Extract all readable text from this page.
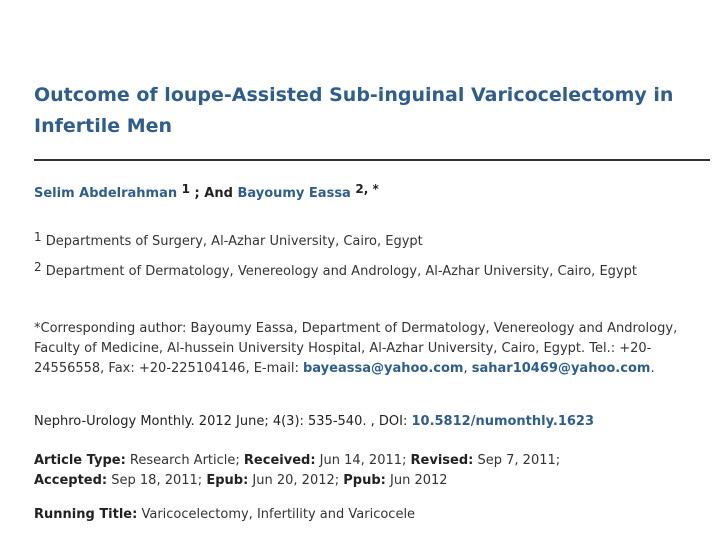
Outcome of loupe-Assisted Sub-inguinal Varicocelectomy in Infertile Men
Selim Abdelrahman $^1$ ; And Bayoumy Eassa $^{2, *}$
$^1$ Departments of Surgery, Al-Azhar University, Cairo, Egypt
$^2$ Department of Dermatology, Venereology and Andrology, Al-Azhar University, Cairo, Egypt
*Corresponding author: Bayoumy Eassa, Department of Dermatology, Venereology and Andrology, Faculty of Medicine, Al-hussein University Hospital, Al-Azhar University, Cairo, Egypt. Tel.: +20-24556558, Fax: +20-225104146, E-mail: bayeassa@yahoo.com, sahar10469@yahoo.com.
Nephro-Urology Monthly. 2012 June; 4(3): 535-540. , DOI: 10.5812/numonthly.1623
Article Type: Research Article; Received: Jun 14, 2011; Revised: Sep 7, 2011;
Accepted: Sep 18, 2011; Epub: Jun 20, 2012; Ppub: Jun 2012
Running Title: Varicocelectomy, Infertility and Varicocele
